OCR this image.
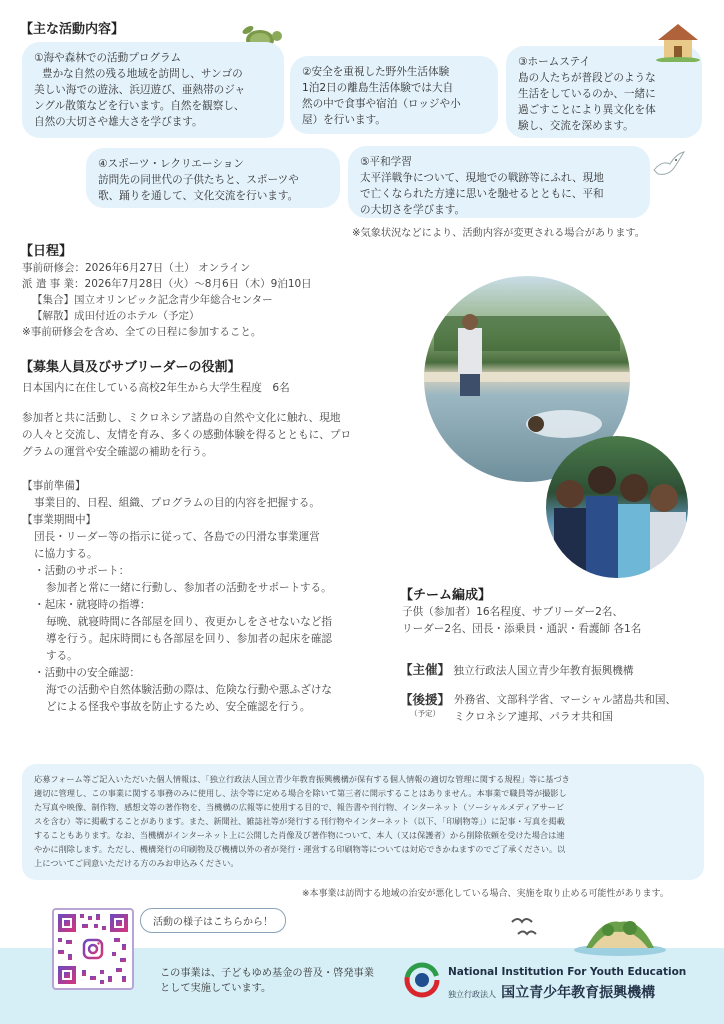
【主な活動内容】
①海や森林での活動プログラム
豊かな自然の残る地域を訪問し、サンゴの
美しい海での遊泳、浜辺遊び、亜熱帯のジャ
ングル散策などを行います。自然を観察し、
自然の大切さや雄大さを学びます。
②安全を重視した野外生活体験
1泊2日の離島生活体験では大自
然の中で食事や宿泊（ロッジや小
屋）を行います。
③ホームステイ
島の人たちが普段どのような
生活をしているのか、一緒に
過ごすことにより異文化を体
験し、交流を深めます。
④スポーツ・レクリエーション
訪問先の同世代の子供たちと、スポーツや
歌、踊りを通して、文化交流を行います。
⑤平和学習
太平洋戦争について、現地での戦跡等にふれ、現地
で亡くなられた方達に思いを馳せるとともに、平和
の大切さを学びます。
※気象状況などにより、活動内容が変更される場合があります。
【日程】
事前研修会：2026年6月27日（土） オンライン
派 遣 事 業：2026年7月28日（火）～8月6日（木）9泊10日
【集合】国立オリンピック記念青少年総合センター
【解散】成田付近のホテル（予定）
※事前研修会を含め、全ての日程に参加すること。
【募集人員及びサブリーダーの役割】
日本国内に在住している高校2年生から大学生程度　6名
参加者と共に活動し、ミクロネシア諸島の自然や文化に触れ、現地
の人々と交流し、友情を育み、多くの感動体験を得るとともに、プロ
グラムの運営や安全確認の補助を行う。
【事前準備】
事業目的、日程、組織、プログラムの目的内容を把握する。
【事業期間中】
団長・リーダー等の指示に従って、各島での円滑な事業運営
に協力する。
・活動のサポート：
参加者と常に一緒に行動し、参加者の活動をサポートする。
・起床・就寝時の指導：
毎晩、就寝時間に各部屋を回り、夜更かしをさせないなど指
導を行う。起床時間にも各部屋を回り、参加者の起床を確認
する。
・活動中の安全確認：
海での活動や自然体験活動の際は、危険な行動や悪ふざけな
どによる怪我や事故を防止するため、安全確認を行う。
【チーム編成】
子供（参加者）16名程度、サブリーダー2名、
リーダー2名、団長・添乗員・通訳・看護師 各1名
【主催】 独立行政法人国立青少年教育振興機構
【後援】
（予定）
外務省、文部科学省、マーシャル諸島共和国、
ミクロネシア連邦、パラオ共和国
応募フォーム等ご記入いただいた個人情報は、「独立行政法人国立青少年教育振興機構が保有する個人情報の適切な管理に関する規程」等に基づき
適切に管理し、この事業に関する事務のみに使用し、法令等に定める場合を除いて第三者に開示することはありません。本事業で職員等が撮影し
た写真や映像、制作物、感想文等の著作物を、当機構の広報等に使用する目的で、報告書や刊行物、インターネット（ソーシャルメディアサービ
スを含む）等に掲載することがあります。また、新聞社、雑誌社等が発行する刊行物やインターネット（以下、「印刷物等」）に記事・写真を掲載
することもあります。なお、当機構がインターネット上に公開した肖像及び著作物について、本人（又は保護者）から削除依頼を受けた場合は速
やかに削除します。ただし、機構発行の印刷物及び機構以外の者が発行・運営する印刷物等については対応できかねますのでご了承ください。以
上についてご同意いただける方のみお申込みください。
※本事業は訪問する地域の治安が悪化している場合、実施を取り止める可能性があります。
活動の様子はこちらから！
この事業は、子どもゆめ基金の普及・啓発事業
として実施しています。
National Institution For Youth Education
独立行政法人 国立青少年教育振興機構
